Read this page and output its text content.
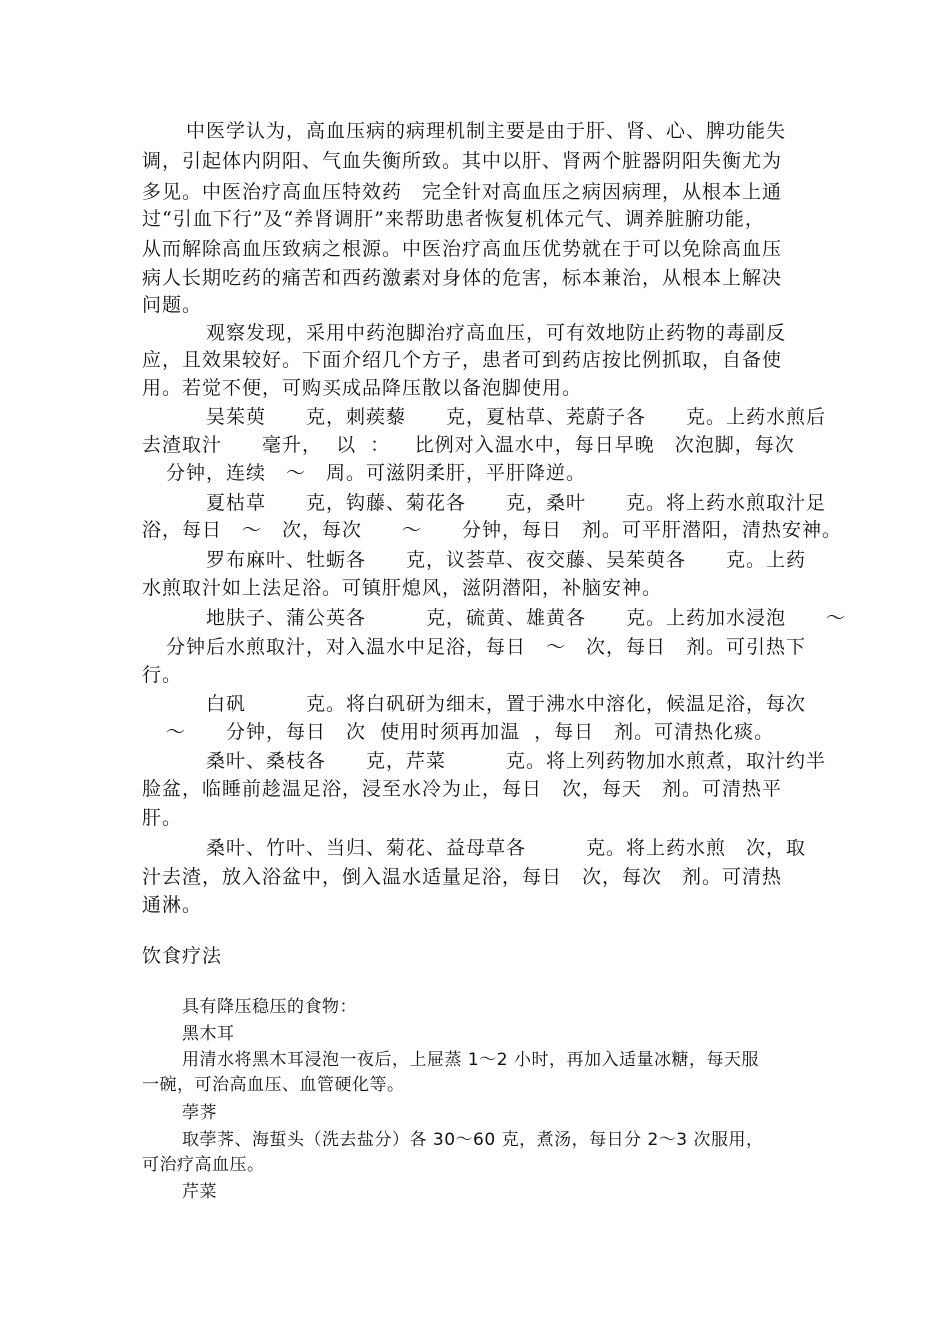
中医学认为，高血压病的病理机制主要是由于肝、肾、心、脾功能失
调，引起体内阴阳、气血失衡所致。其中以肝、肾两个脏器阴阳失衡尤为
多见。中医治疗高血压特效药　完全针对高血压之病因病理，从根本上通
过“引血下行”及“养肾调肝”来帮助患者恢复机体元气、调养脏腑功能，
从而解除高血压致病之根源。中医治疗高血压优势就在于可以免除高血压
病人长期吃药的痛苦和西药激素对身体的危害，标本兼治，从根本上解决
问题。
观察发现，采用中药泡脚治疗高血压，可有效地防止药物的毒副反
应，且效果较好。下面介绍几个方子，患者可到药店按比例抓取，自备使
用。若觉不便，可购买成品降压散以备泡脚使用。
吴茱萸　　克，刺蒺藜　　克，夏枯草、茺蔚子各　　克。上药水煎后
去渣取汁　　毫升，  以  ：　  比例对入温水中，每日早晚　次泡脚，每次
分钟，连续　～　周。可滋阴柔肝，平肝降逆。
夏枯草　　克，钩藤、菊花各　　克，桑叶　　克。将上药水煎取汁足
浴，每日　～　次，每次　　～　　分钟，每日　剂。可平肝潜阳，清热安神。
罗布麻叶、牡蛎各　　克，议荟草、夜交藤、吴茱萸各　　克。上药
水煎取汁如上法足浴。可镇肝熄风，滋阴潜阳，补脑安神。
地肤子、蒲公英各　　　克，硫黄、雄黄各　　克。上药加水浸泡　　～
分钟后水煎取汁，对入温水中足浴，每日　～　次，每日　剂。可引热下
行。
白矾　　　克。将白矾研为细末，置于沸水中溶化，候温足浴，每次
～　　分钟，每日　次  使用时须再加温  ，每日　剂。可清热化痰。
桑叶、桑枝各　　克，芹菜　　　克。将上列药物加水煎煮，取汁约半
脸盆，临睡前趁温足浴，浸至水冷为止，每日　次，每天　剂。可清热平
肝。
桑叶、竹叶、当归、菊花、益母草各　　　克。将上药水煎　次，取
汁去渣，放入浴盆中，倒入温水适量足浴，每日　次，每次　剂。可清热
通淋。
饮食疗法
具有降压稳压的食物：
黑木耳
用清水将黑木耳浸泡一夜后，上屉蒸 1～2 小时，再加入适量冰糖，每天服
一碗，可治高血压、血管硬化等。
荸荠
取荸荠、海蜇头（洗去盐分）各 30～60 克，煮汤，每日分 2～3 次服用，
可治疗高血压。
芹菜
